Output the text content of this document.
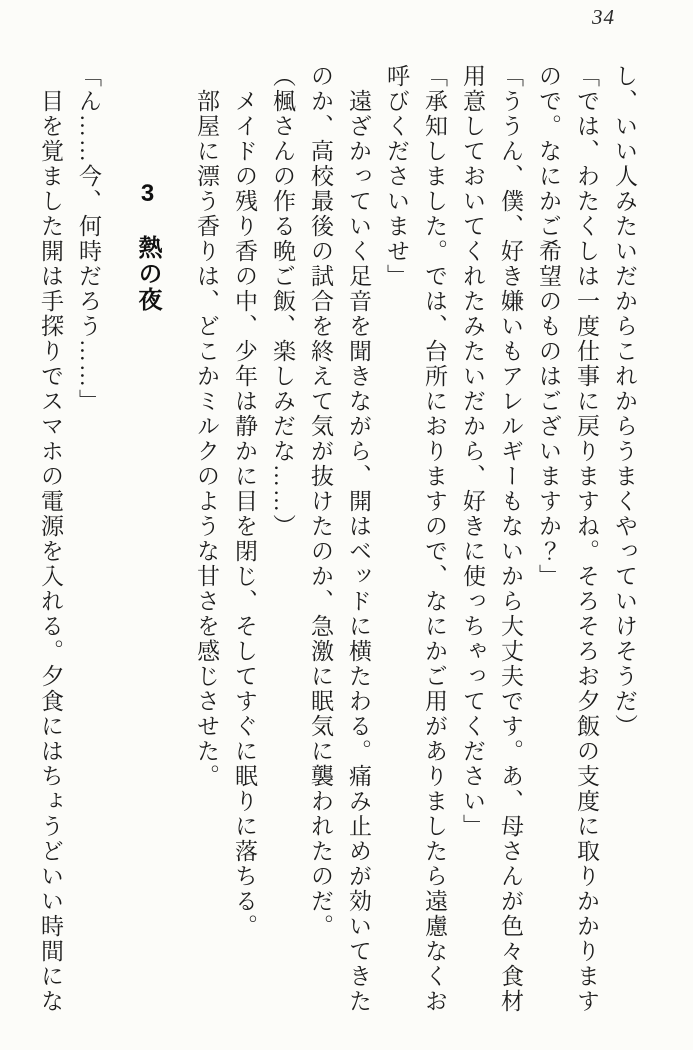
34

し、いい人みたいだからこれからうまくやっていけそうだ）

「では、わたくしは一度仕事に戻りますね。そろそろお夕飯の支度に取りかかりますので。なにかご希望のものはございますか？」

「ううん、僕、好き嫌いもアレルギーもないから大丈夫です。あ、母さんが色々食材用意しておいてくれたみたいだから、好きに使っちゃってください」

「承知しました。では、台所におりますので、なにかご用がありましたら遠慮なくお呼びくださいませ」

遠ざかっていく足音を聞きながら、開はベッドに横たわる。痛み止めが効いてきたのか、高校最後の試合を終えて気が抜けたのか、急激に眠気に襲われたのだ。

（楓さんの作る晩ご飯、楽しみだな……）

メイドの残り香の中、少年は静かに目を閉じ、そしてすぐに眠りに落ちる。

部屋に漂う香りは、どこかミルクのような甘さを感じさせた。

3　熱の夜

「ん……今、何時だろう……」

目を覚ました開は手探りでスマホの電源を入れる。夕食にはちょうどいい時間にな
